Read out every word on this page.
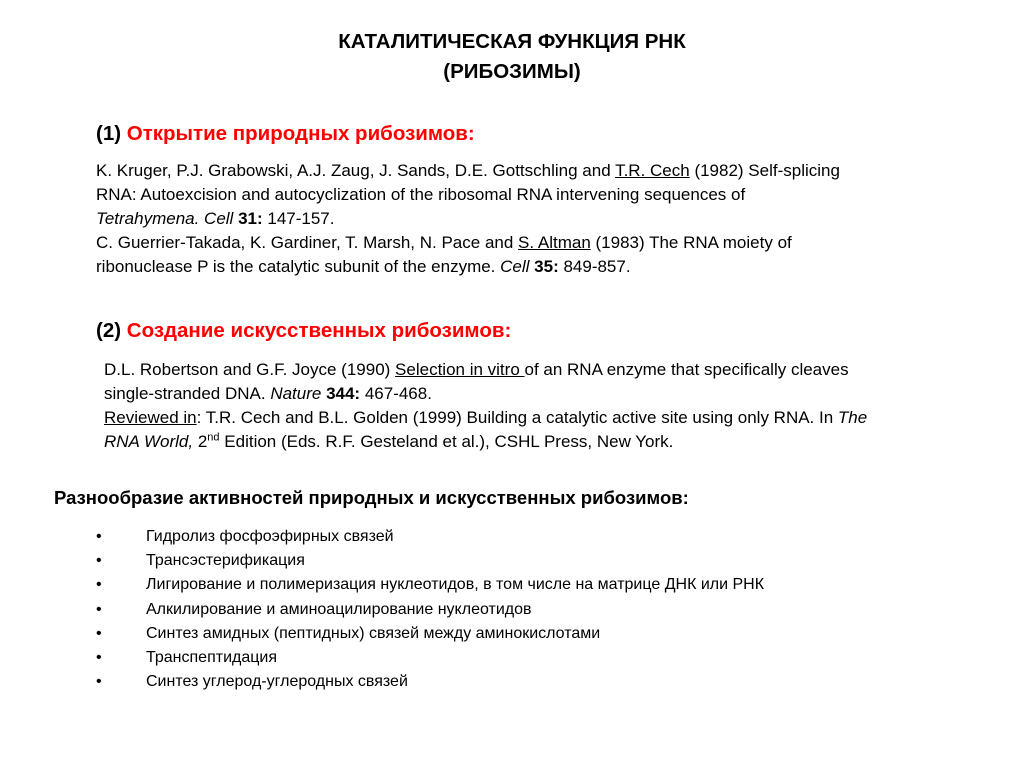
КАТАЛИТИЧЕСКАЯ ФУНКЦИЯ РНК
(РИБОЗИМЫ)
(1) Открытие природных рибозимов:

K. Kruger, P.J. Grabowski, A.J. Zaug, J. Sands, D.E. Gottschling and T.R. Cech (1982) Self-splicing
RNA: Autoexcision and autocyclization of the ribosomal RNA intervening sequences of
Tetrahymena. Cell 31: 147-157.

C. Guerrier-Takada, K. Gardiner, T. Marsh, N. Pace and S. Altman (1983) The RNA moiety of
ribonuclease P is the catalytic subunit of the enzyme. Cell 35: 849-857.

(2) Создание искусственных рибозимов:

D.L. Robertson and G.F. Joyce (1990) Selection in vitro of an RNA enzyme that specifically cleaves
single-stranded DNA. Nature 344: 467-468.

Reviewed in: T.R. Cech and B.L. Golden (1999) Building a catalytic active site using only RNA. In The
RNA World, 2nd Edition (Eds. R.F. Gesteland et al.), CSHL Press, New York.

Разнообразие активностей природных и искусственных рибозимов:
•	Гидролиз фосфоэфирных связей
•	Трансэстерификация
•	Лигирование и полимеризация нуклеотидов, в том числе на матрице ДНК или РНК
•	Алкилирование и аминоацилирование нуклеотидов
•	Синтез амидных (пептидных) связей между аминокислотами
•	Транспептидация
•	Синтез углерод-углеродных связей
